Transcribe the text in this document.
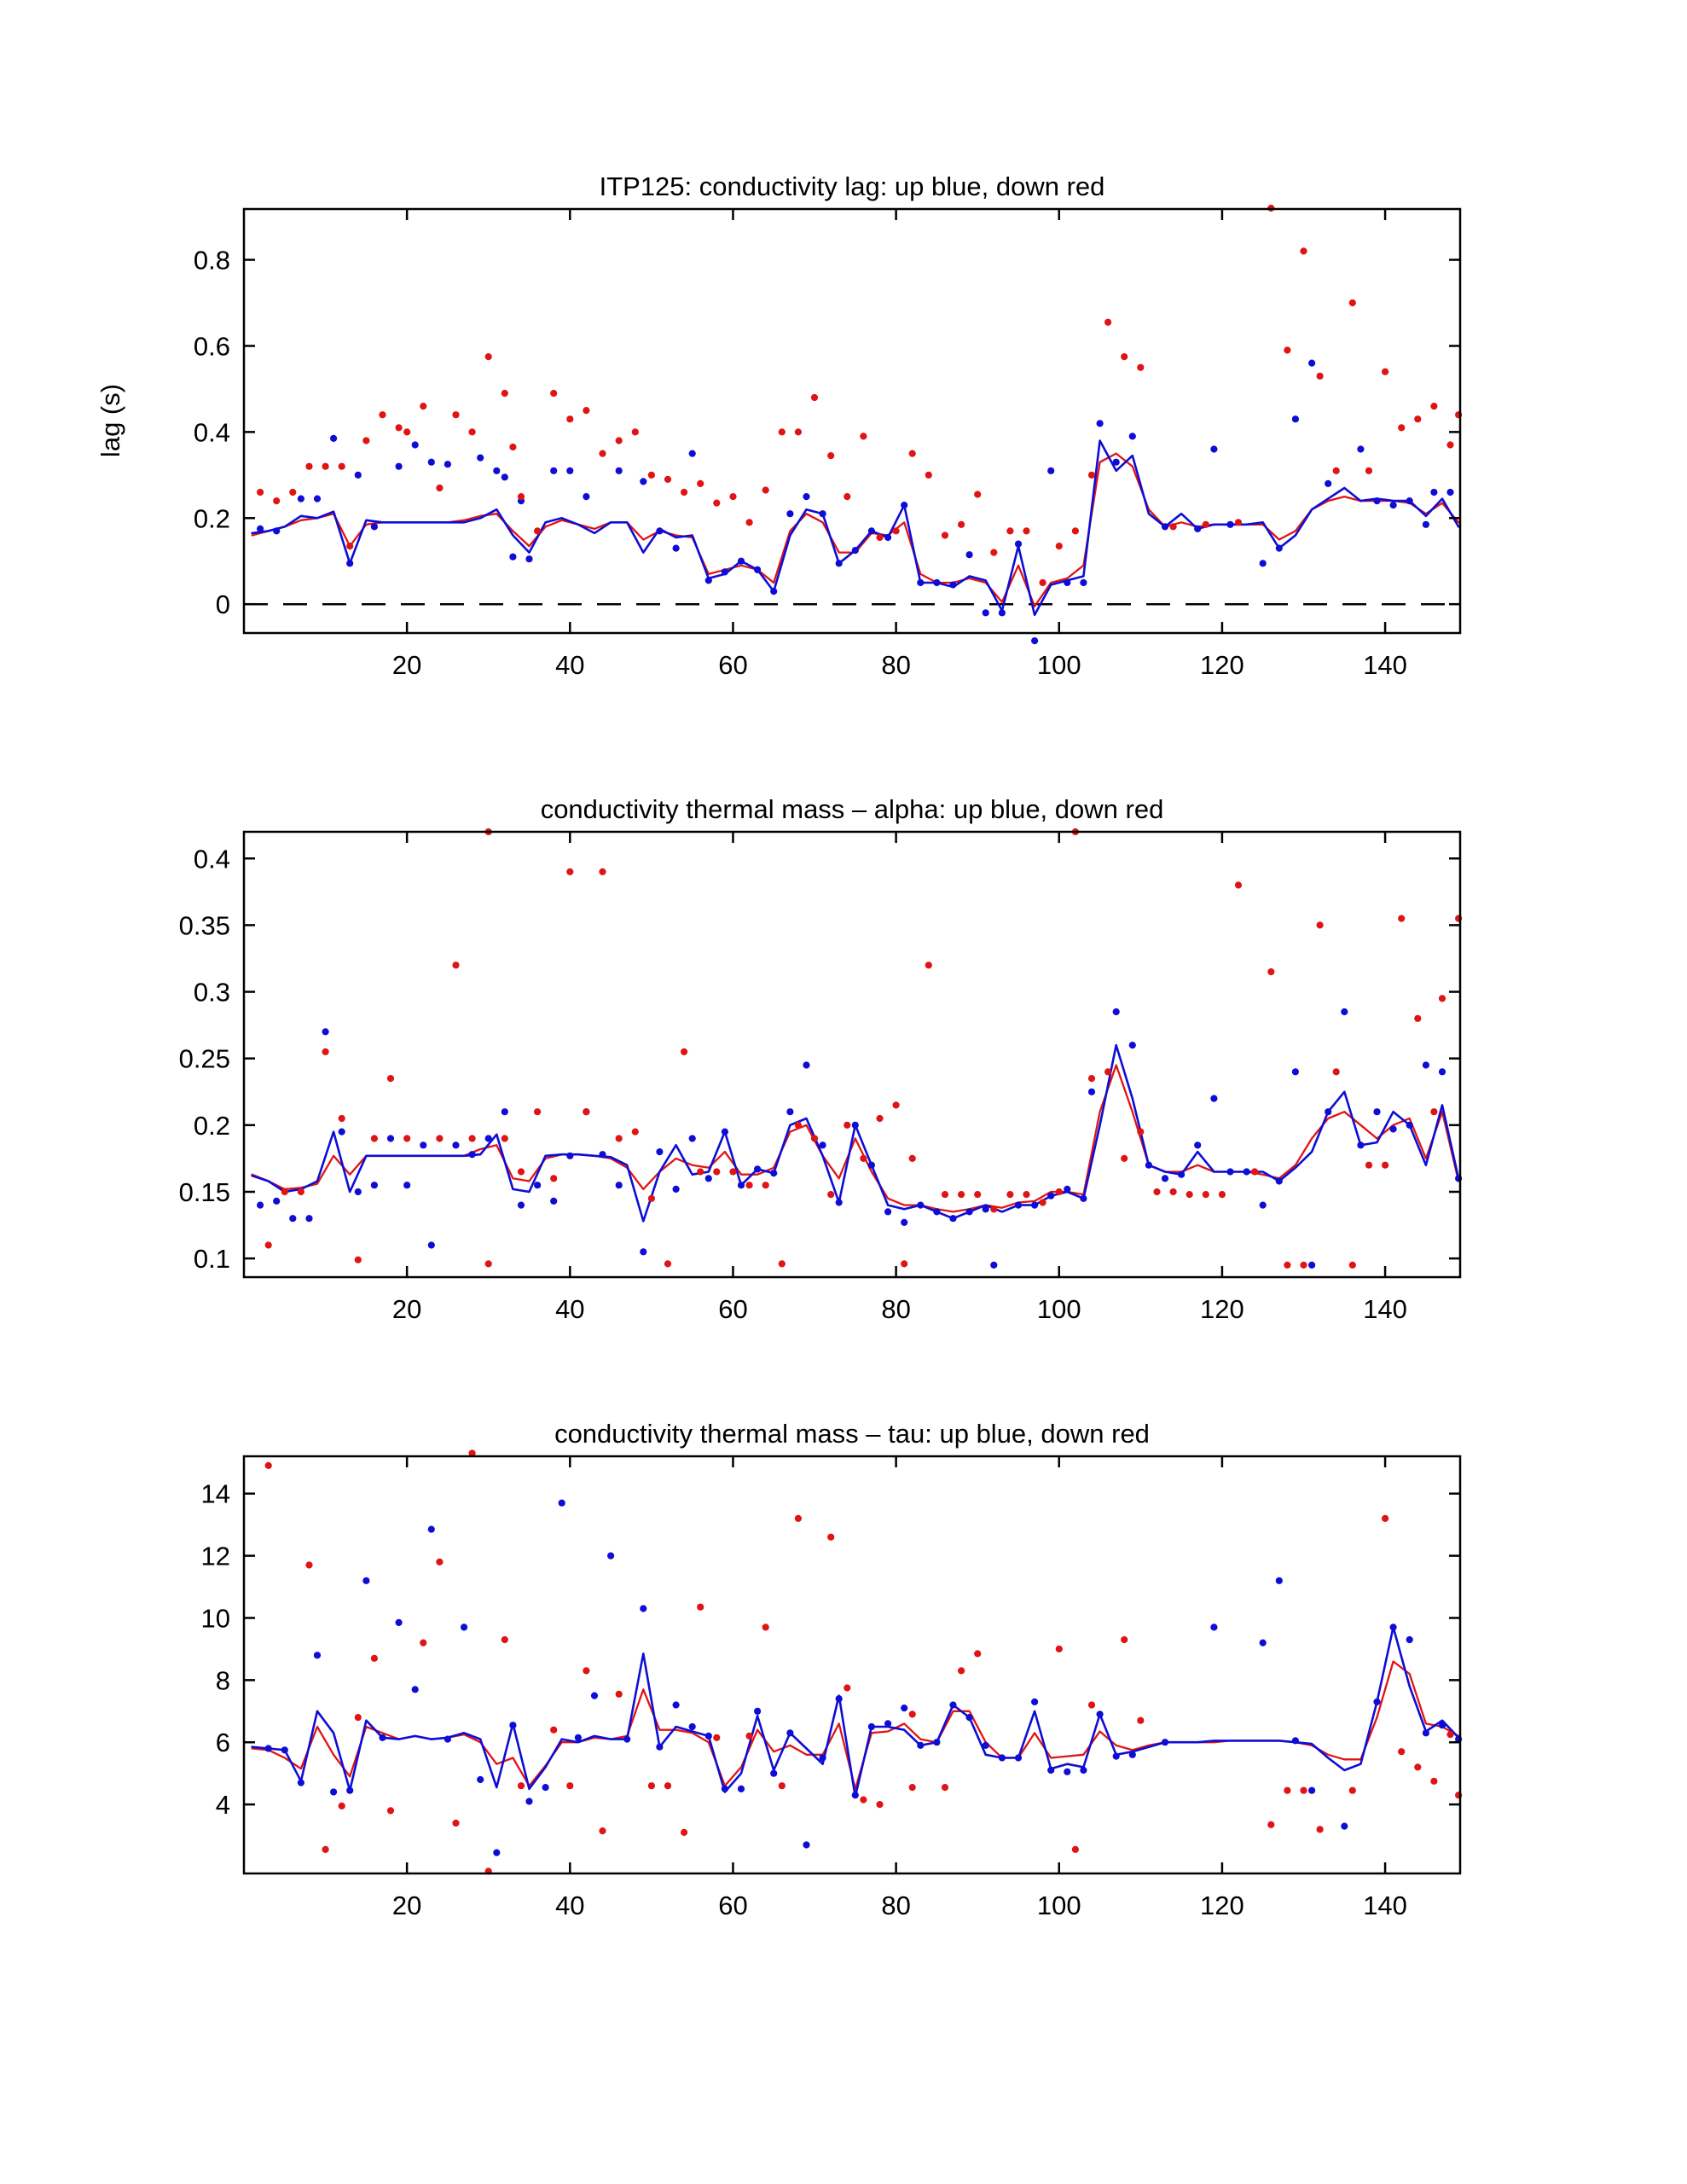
20	40	60	80	100	120	140
0
0.2
0.4
0.6
0.8
20	40	60	80	100	120	140
0.1
0.15
0.2
0.25
0.3
0.35
0.4
20	40	60	80	100	120	140
4
6
8
10
12
14
ITP125: conductivity lag: up blue, down red
conductivity thermal mass – alpha: up blue, down red
conductivity thermal mass – tau: up blue, down red
lag (s)
